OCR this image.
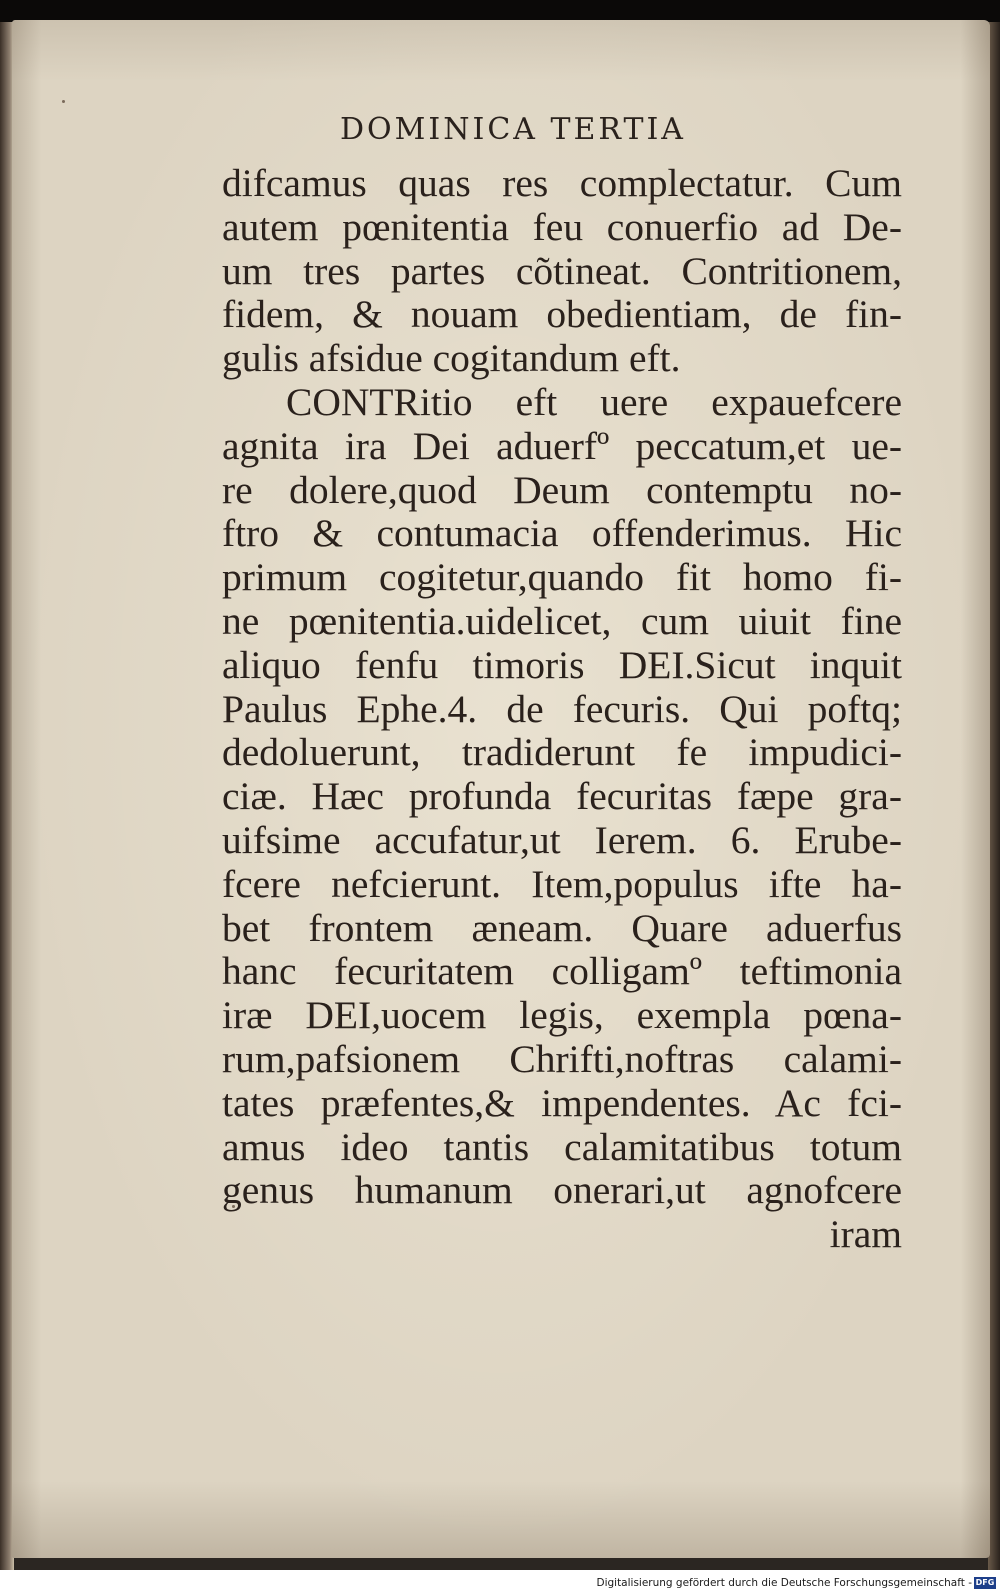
DOMINICA TERTIA
difcamus quas res complectatur. Cum
autem pœnitentia feu conuerfio ad De-
um tres partes cõtineat. Contritionem,
fidem, & nouam obedientiam, de fin-
gulis afsidue cogitandum eft.
CONTRitio eft uere expauefcere
agnita ira Dei aduerfº peccatum,et ue-
re dolere,quod Deum contemptu no-
ftro & contumacia offenderimus. Hic
primum cogitetur,quando fit homo fi-
ne pœnitentia.uidelicet, cum uiuit fine
aliquo fenfu timoris DEI.Sicut inquit
Paulus Ephe.4. de fecuris. Qui poftq;
dedoluerunt, tradiderunt fe impudici-
ciæ. Hæc profunda fecuritas fæpe gra-
uifsime accufatur,ut Ierem. 6. Erube-
fcere nefcierunt. Item,populus ifte ha-
bet frontem æneam. Quare aduerfus
hanc fecuritatem colligamº teftimonia
iræ DEI,uocem legis, exempla pœna-
rum,pafsionem Chrifti,noftras calami-
tates præfentes,& impendentes. Ac fci-
amus ideo tantis calamitatibus totum
genus humanum onerari,ut agnofcere
iram
Digitalisierung gefördert durch die Deutsche Forschungsgemeinschaft - DFG
